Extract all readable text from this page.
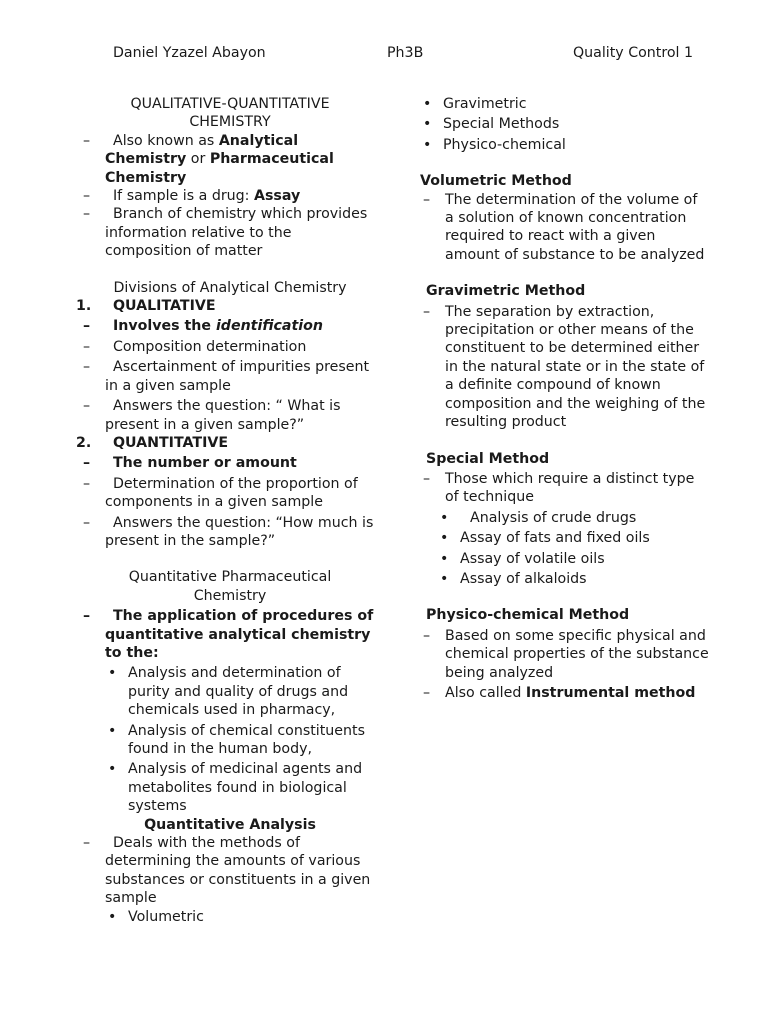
Daniel Yzazel Abayon	Ph3B	Quality Control 1
QUALITATIVE-QUANTITATIVE
CHEMISTRY
– Also known as Analytical Chemistry or Pharmaceutical Chemistry
– If sample is a drug: Assay
– Branch of chemistry which provides information relative to the composition of matter
Divisions of Analytical Chemistry
1. QUALITATIVE
– Involves the identification
– Composition determination
– Ascertainment of impurities present in a given sample
– Answers the question: “ What is present in a given sample?”
2. QUANTITATIVE
– The number or amount
– Determination of the proportion of components in a given sample
– Answers the question: “How much is present in the sample?”
Quantitative Pharmaceutical
Chemistry
– The application of procedures of quantitative analytical chemistry to the:
• Analysis and determination of purity and quality of drugs and chemicals used in pharmacy,
• Analysis of chemical constituents found in the human body,
• Analysis of medicinal agents and metabolites found in biological systems
Quantitative Analysis
– Deals with the methods of determining the amounts of various substances or constituents in a given sample
• Volumetric
• Gravimetric
• Special Methods
• Physico-chemical
Volumetric Method
– The determination of the volume of a solution of known concentration required to react with a given amount of substance to be analyzed
Gravimetric Method
– The separation by extraction, precipitation or other means of the constituent to be determined either in the natural state or in the state of a definite compound of known composition and the weighing of the resulting product
Special Method
– Those which require a distinct type of technique
• Analysis of crude drugs
• Assay of fats and fixed oils
• Assay of volatile oils
• Assay of alkaloids
Physico-chemical Method
– Based on some specific physical and chemical properties of the substance being analyzed
– Also called Instrumental method
